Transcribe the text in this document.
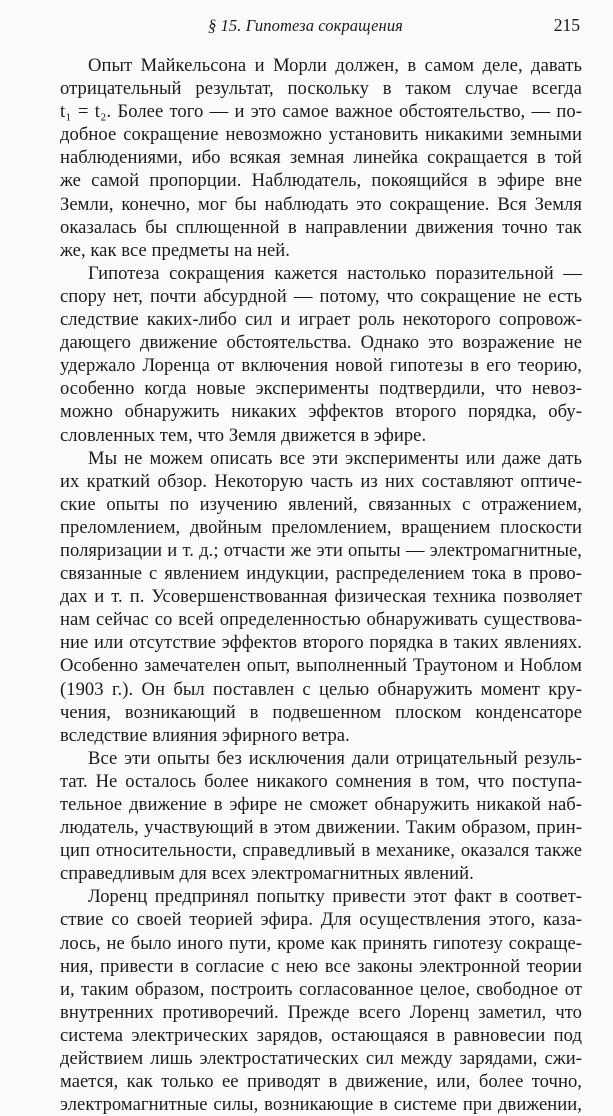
§ 15. Гипотеза сокращения	215
Опыт Майкельсона и Морли должен, в самом деле, давать
отрицательный результат, поскольку в таком случае всегда
t₁ = t₂. Более того — и это самое важное обстоятельство, — по-
добное сокращение невозможно установить никакими земными
наблюдениями, ибо всякая земная линейка сокращается в той
же самой пропорции. Наблюдатель, покоящийся в эфире вне
Земли, конечно, мог бы наблюдать это сокращение. Вся Земля
оказалась бы сплющенной в направлении движения точно так
же, как все предметы на ней.
Гипотеза сокращения кажется настолько поразительной —
спору нет, почти абсурдной — потому, что сокращение не есть
следствие каких-либо сил и играет роль некоторого сопровож-
дающего движение обстоятельства. Однако это возражение не
удержало Лоренца от включения новой гипотезы в его теорию,
особенно когда новые эксперименты подтвердили, что невоз-
можно обнаружить никаких эффектов второго порядка, обу-
словленных тем, что Земля движется в эфире.
Мы не можем описать все эти эксперименты или даже дать
их краткий обзор. Некоторую часть из них составляют оптиче-
ские опыты по изучению явлений, связанных с отражением,
преломлением, двойным преломлением, вращением плоскости
поляризации и т. д.; отчасти же эти опыты — электромагнитные,
связанные с явлением индукции, распределением тока в прово-
дах и т. п. Усовершенствованная физическая техника позволяет
нам сейчас со всей определенностью обнаруживать существова-
ние или отсутствие эффектов второго порядка в таких явлениях.
Особенно замечателен опыт, выполненный Траутоном и Ноблом
(1903 г.). Он был поставлен с целью обнаружить момент кру-
чения, возникающий в подвешенном плоском конденсаторе
вследствие влияния эфирного ветра.
Все эти опыты без исключения дали отрицательный резуль-
тат. Не осталось более никакого сомнения в том, что поступа-
тельное движение в эфире не сможет обнаружить никакой наб-
людатель, участвующий в этом движении. Таким образом, прин-
цип относительности, справедливый в механике, оказался также
справедливым для всех электромагнитных явлений.
Лоренц предпринял попытку привести этот факт в соответ-
ствие со своей теорией эфира. Для осуществления этого, каза-
лось, не было иного пути, кроме как принять гипотезу сокраще-
ния, привести в согласие с нею все законы электронной теории
и, таким образом, построить согласованное целое, свободное от
внутренних противоречий. Прежде всего Лоренц заметил, что
система электрических зарядов, остающаяся в равновесии под
действием лишь электростатических сил между зарядами, сжи-
мается, как только ее приводят в движение, или, более точно,
электромагнитные силы, возникающие в системе при движении,
